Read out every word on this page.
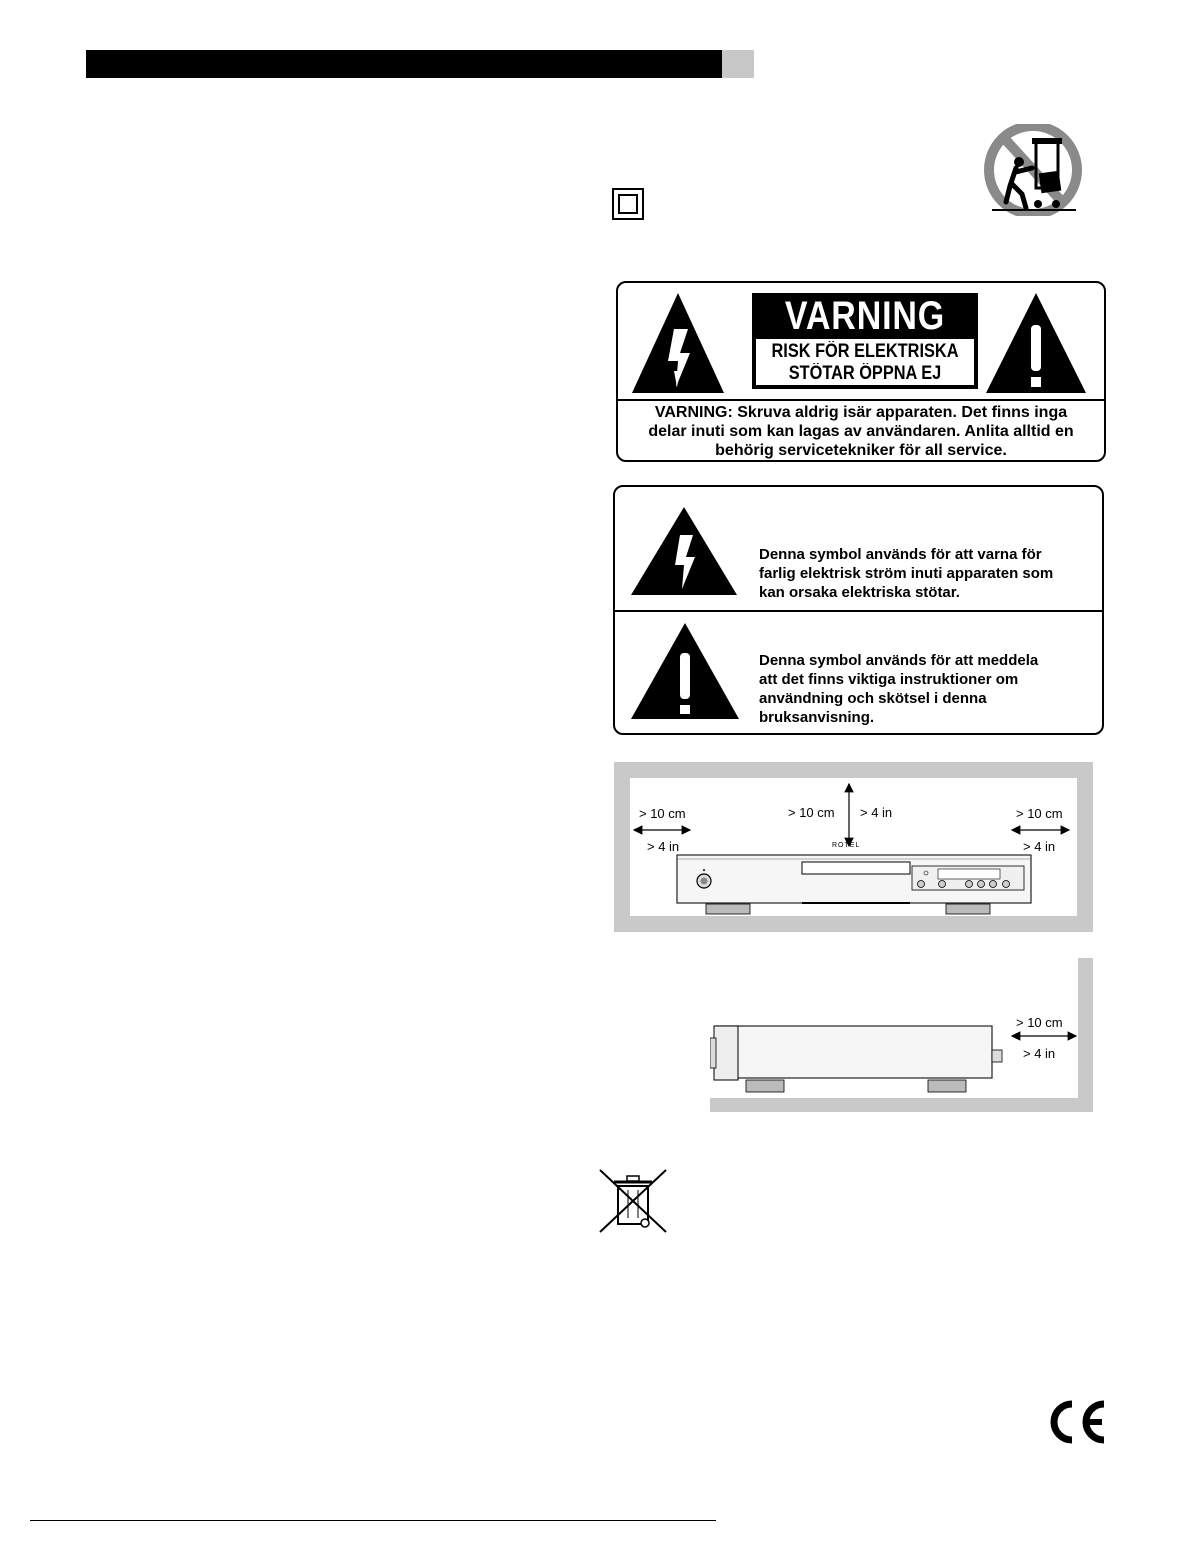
VARNING
RISK FÖR ELEKTRISKA
STÖTAR ÖPPNA EJ
VARNING: Skruva aldrig isär apparaten. Det finns inga
delar inuti som kan lagas av användaren. Anlita alltid en
behörig servicetekniker för all service.
Denna symbol används för att varna för
farlig elektrisk ström inuti apparaten som
kan orsaka elektriska stötar.
Denna symbol används för att meddela
att det finns viktiga instruktioner om
användning och skötsel i denna
bruksanvisning.
> 10 cm
> 4 in
> 10 cm > 4 in	> 10 cm
> 4 in
ROTEL
> 10 cm
> 4 in
